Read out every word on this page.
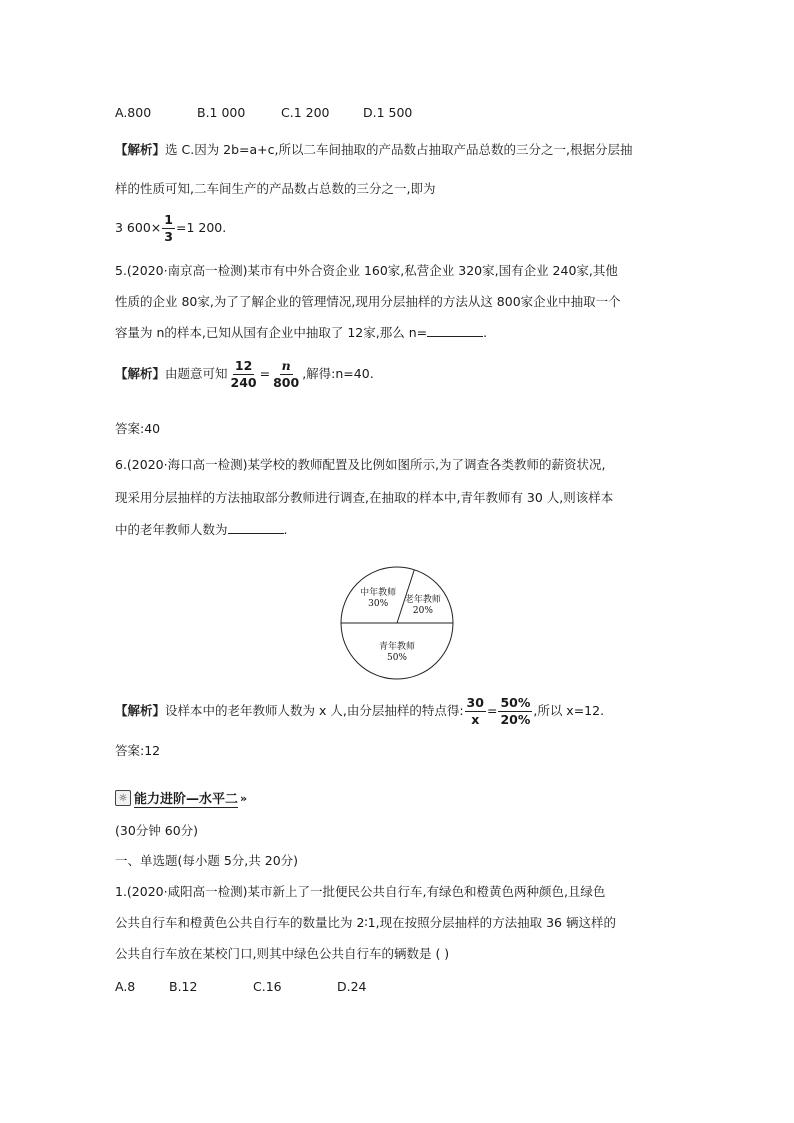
A.800	B.1 000	C.1 200	D.1 500
【解析】选 C.因为 2b=a+c,所以二车间抽取的产品数占抽取产品总数的三分之一,根据分层抽
样的性质可知,二车间生产的产品数占总数的三分之一,即为
3 $600\times \frac{1}{3} =1$ 200.
5.(2020·南京高一检测)某市有中外合资企业 160家,私营企业 320家,国有企业 240家,其他
性质的企业 80家,为了了解企业的管理情况,现用分层抽样的方法从这 800家企业中抽取一个
容量为 n的样本,已知从国有企业中抽取了 12家,那么 n=	.
【解析】由题意可知 $\frac{12}{240} = \frac{n}{800}$ ,解得:n=40.
答案:40
6.(2020·海口高一检测)某学校的教师配置及比例如图所示,为了调查各类教师的薪资状况,
现采用分层抽样的方法抽取部分教师进行调查,在抽取的样本中,青年教师有 30 人,则该样本
中的老年教师人数为	.
中年教师
30% 老年教师
20%
青年教师
50%
【解析】设样本中的老年教师人数为 x 人,由分层抽样的特点得: $\frac{30}{x} = \frac{50\%}{20\%}$ ,所以 x=12.
答案:12
☼ 能力进阶—水平二 »
(30分钟 60分)
一、单选题(每小题 5分,共 20分)
1.(2020·咸阳高一检测)某市新上了一批便民公共自行车,有绿色和橙黄色两种颜色,且绿色
公共自行车和橙黄色公共自行车的数量比为 2∶1,现在按照分层抽样的方法抽取 36 辆这样的
公共自行车放在某校门口,则其中绿色公共自行车的辆数是 ( )
A.8	B.12	C.16	D.24
